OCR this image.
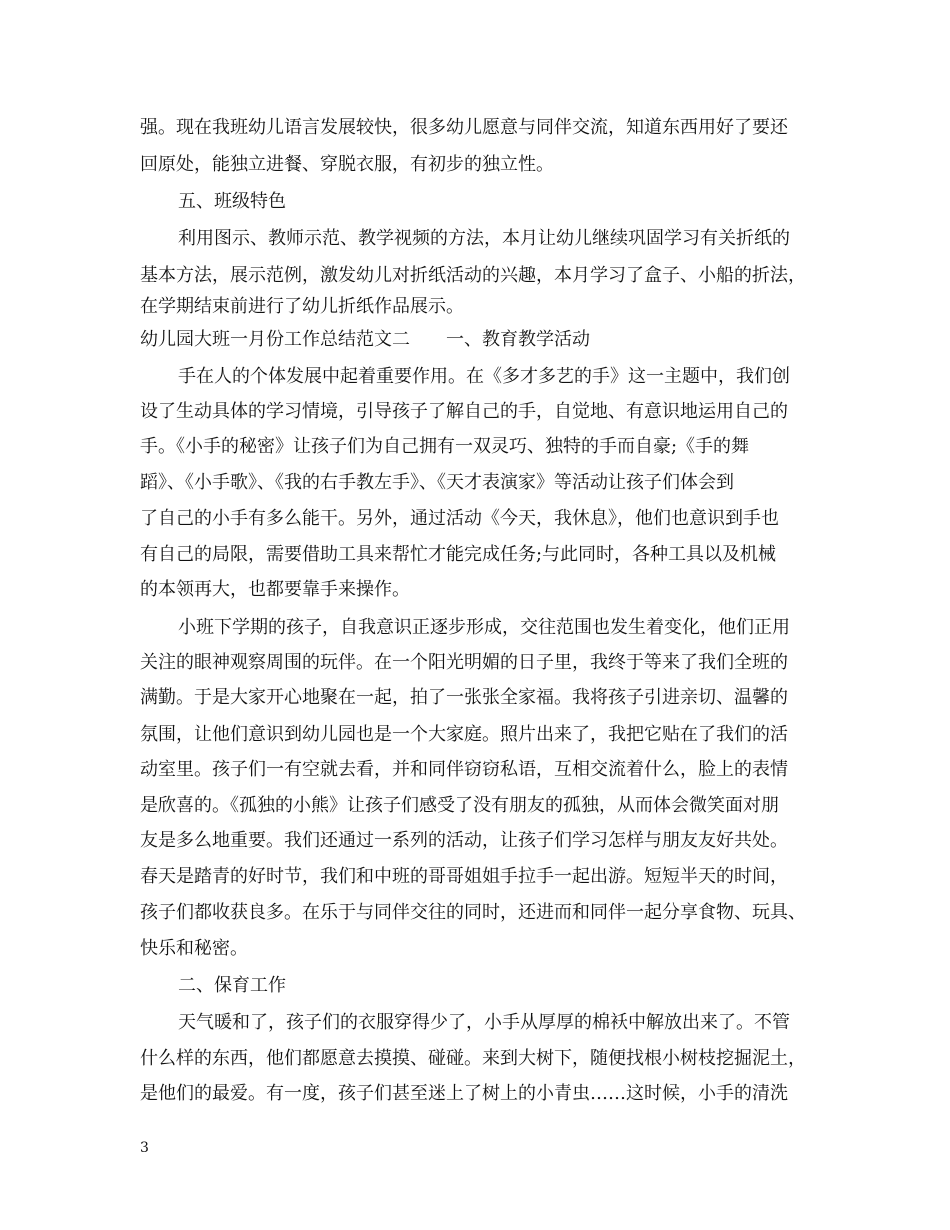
强。现在我班幼儿语言发展较快，很多幼儿愿意与同伴交流，知道东西用好了要还
回原处，能独立进餐、穿脱衣服，有初步的独立性。
五、班级特色
利用图示、教师示范、教学视频的方法，本月让幼儿继续巩固学习有关折纸的
基本方法，展示范例，激发幼儿对折纸活动的兴趣，本月学习了盒子、小船的折法，
在学期结束前进行了幼儿折纸作品展示。
幼儿园大班一月份工作总结范文二　　一、教育教学活动
手在人的个体发展中起着重要作用。在《多才多艺的手》这一主题中，我们创
设了生动具体的学习情境，引导孩子了解自己的手，自觉地、有意识地运用自己的
手。《小手的秘密》让孩子们为自己拥有一双灵巧、独特的手而自豪;《手的舞
蹈》、《小手歌》、《我的右手教左手》、《天才表演家》等活动让孩子们体会到
了自己的小手有多么能干。另外，通过活动《今天，我休息》，他们也意识到手也
有自己的局限，需要借助工具来帮忙才能完成任务;与此同时，各种工具以及机械
的本领再大，也都要靠手来操作。
小班下学期的孩子，自我意识正逐步形成，交往范围也发生着变化，他们正用
关注的眼神观察周围的玩伴。在一个阳光明媚的日子里，我终于等来了我们全班的
满勤。于是大家开心地聚在一起，拍了一张张全家福。我将孩子引进亲切、温馨的
氛围，让他们意识到幼儿园也是一个大家庭。照片出来了，我把它贴在了我们的活
动室里。孩子们一有空就去看，并和同伴窃窃私语，互相交流着什么，脸上的表情
是欣喜的。《孤独的小熊》让孩子们感受了没有朋友的孤独，从而体会微笑面对朋
友是多么地重要。我们还通过一系列的活动，让孩子们学习怎样与朋友友好共处。
春天是踏青的好时节，我们和中班的哥哥姐姐手拉手一起出游。短短半天的时间，
孩子们都收获良多。在乐于与同伴交往的同时，还进而和同伴一起分享食物、玩具、
快乐和秘密。
二、保育工作
天气暖和了，孩子们的衣服穿得少了，小手从厚厚的棉袄中解放出来了。不管
什么样的东西，他们都愿意去摸摸、碰碰。来到大树下，随便找根小树枝挖掘泥土，
是他们的最爱。有一度，孩子们甚至迷上了树上的小青虫……这时候，小手的清洗
3
